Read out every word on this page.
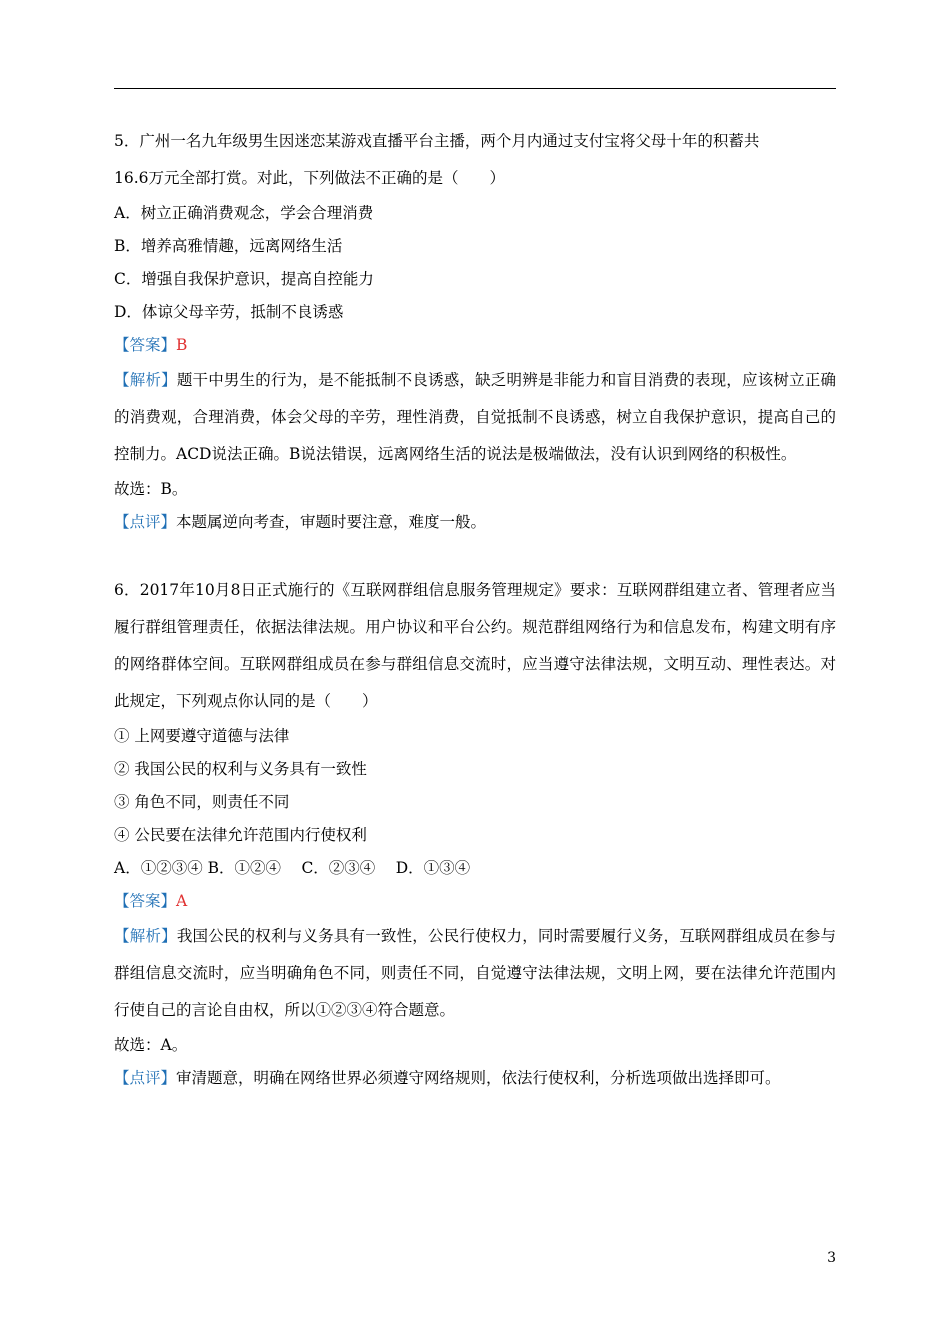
5．广州一名九年级男生因迷恋某游戏直播平台主播，两个月内通过支付宝将父母十年的积蓄共

16.6万元全部打赏。对此，下列做法不正确的是（　　）

A．树立正确消费观念，学会合理消费

B．增养高雅情趣，远离网络生活

C．增强自我保护意识，提高自控能力

D．体谅父母辛劳，抵制不良诱惑

【答案】B

【解析】题干中男生的行为，是不能抵制不良诱惑，缺乏明辨是非能力和盲目消费的表现，应该树立正确的消费观，合理消费，体会父母的辛劳，理性消费，自觉抵制不良诱惑，树立自我保护意识，提高自己的控制力。ACD说法正确。B说法错误，远离网络生活的说法是极端做法，没有认识到网络的积极性。

故选：B。

【点评】本题属逆向考查，审题时要注意，难度一般。

6．2017年10月8日正式施行的《互联网群组信息服务管理规定》要求：互联网群组建立者、管理者应当履行群组管理责任，依据法律法规。用户协议和平台公约。规范群组网络行为和信息发布，构建文明有序的网络群体空间。互联网群组成员在参与群组信息交流时，应当遵守法律法规，文明互动、理性表达。对此规定，下列观点你认同的是（　　）

① 上网要遵守道德与法律

② 我国公民的权利与义务具有一致性

③ 角色不同，则责任不同

④ 公民要在法律允许范围内行使权利

A．①②③④ B．①②④　 C．②③④　 D．①③④

【答案】A

【解析】我国公民的权利与义务具有一致性，公民行使权力，同时需要履行义务，互联网群组成员在参与群组信息交流时，应当明确角色不同，则责任不同，自觉遵守法律法规，文明上网，要在法律允许范围内行使自己的言论自由权，所以①②③④符合题意。

故选：A。

【点评】审清题意，明确在网络世界必须遵守网络规则，依法行使权利，分析选项做出选择即可。

3
